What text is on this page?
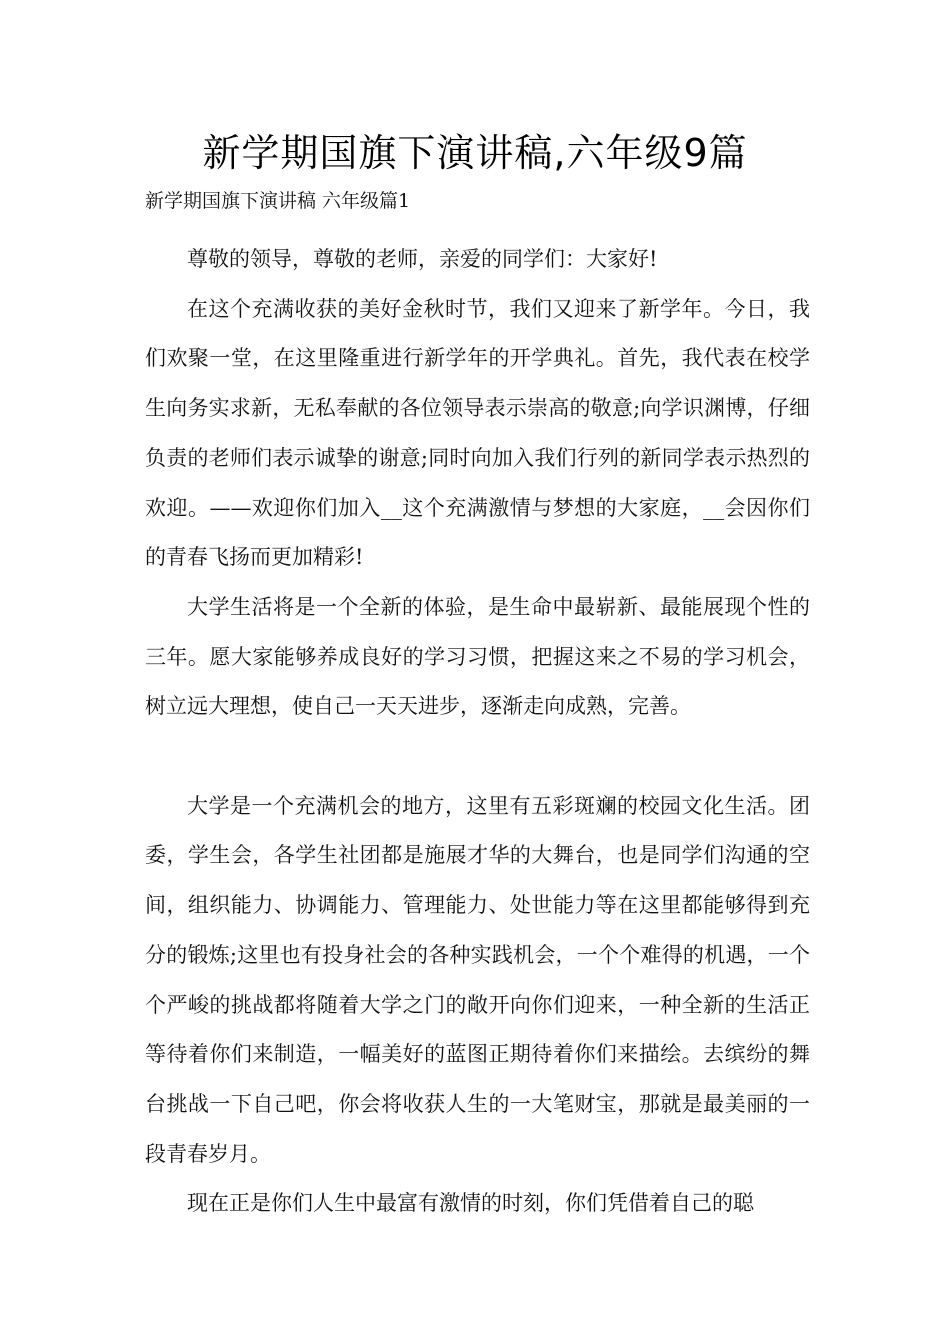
新学期国旗下演讲稿,六年级9篇

新学期国旗下演讲稿 六年级篇1

尊敬的领导，尊敬的老师，亲爱的同学们：大家好!

在这个充满收获的美好金秋时节，我们又迎来了新学年。今日，我们欢聚一堂，在这里隆重进行新学年的开学典礼。首先，我代表在校学生向务实求新，无私奉献的各位领导表示崇高的敬意;向学识渊博，仔细负责的老师们表示诚挚的谢意;同时向加入我们行列的新同学表示热烈的欢迎。——欢迎你们加入__这个充满激情与梦想的大家庭，__会因你们的青春飞扬而更加精彩!

大学生活将是一个全新的体验，是生命中最崭新、最能展现个性的三年。愿大家能够养成良好的学习习惯，把握这来之不易的学习机会，树立远大理想，使自己一天天进步，逐渐走向成熟，完善。

大学是一个充满机会的地方，这里有五彩斑斓的校园文化生活。团委，学生会，各学生社团都是施展才华的大舞台，也是同学们沟通的空间，组织能力、协调能力、管理能力、处世能力等在这里都能够得到充分的锻炼;这里也有投身社会的各种实践机会，一个个难得的机遇，一个个严峻的挑战都将随着大学之门的敞开向你们迎来，一种全新的生活正等待着你们来制造，一幅美好的蓝图正期待着你们来描绘。去缤纷的舞台挑战一下自己吧，你会将收获人生的一大笔财宝，那就是最美丽的一段青春岁月。

现在正是你们人生中最富有激情的时刻，你们凭借着自己的聪
